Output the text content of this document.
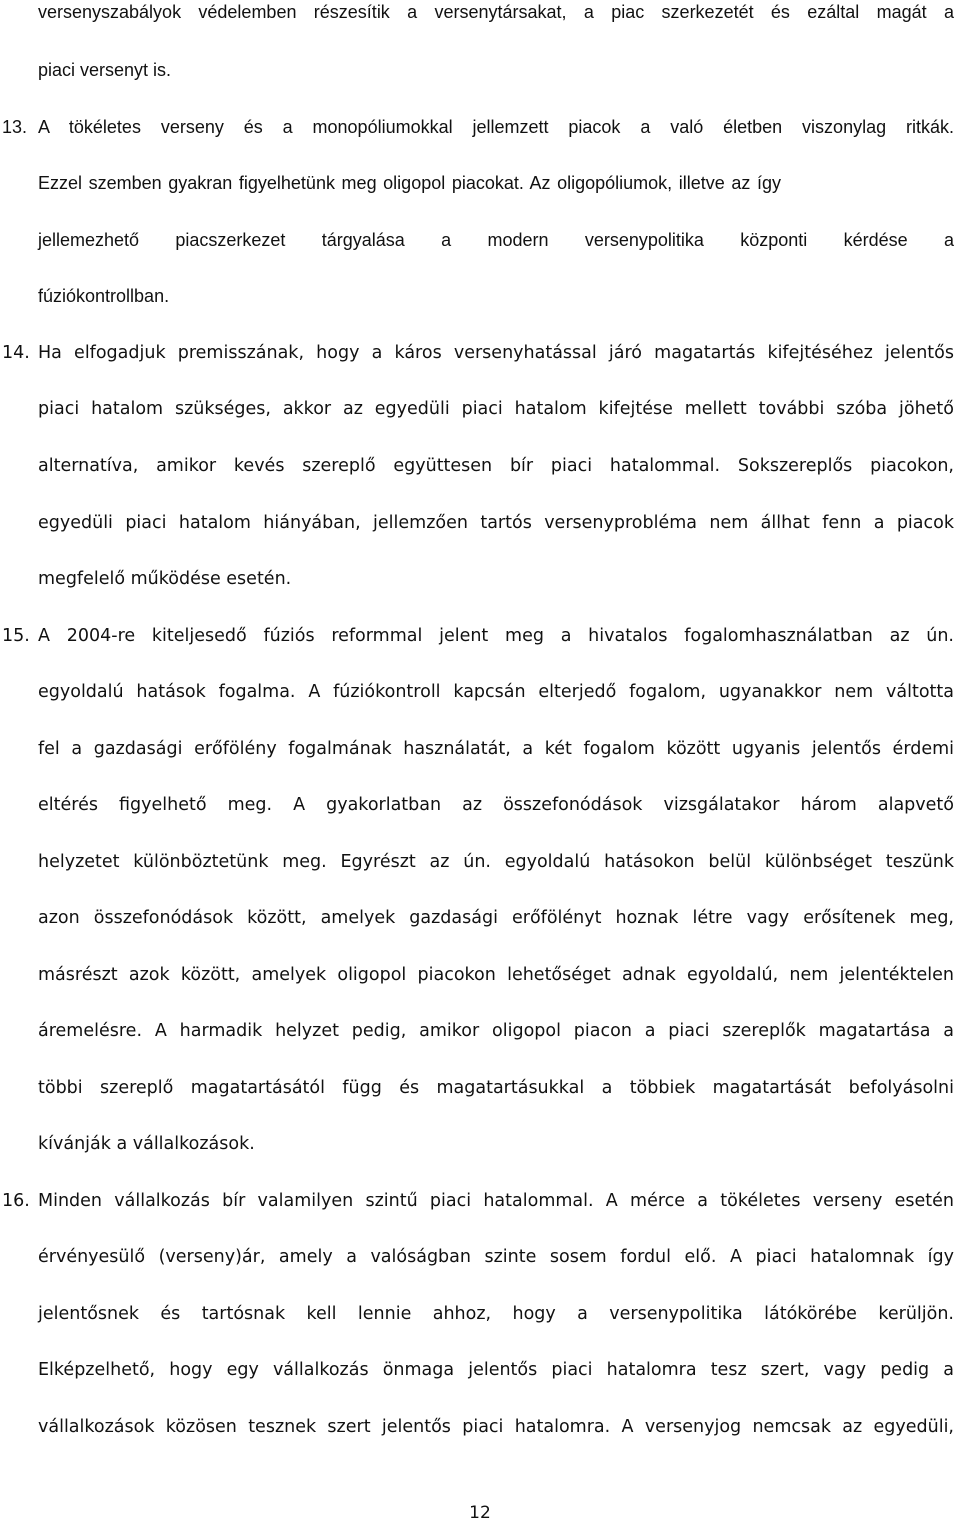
versenyszabályok védelemben részesítik a versenytársakat, a piac szerkezetét és ezáltal magát a
piaci versenyt is.
13. A tökéletes verseny és a monopóliumokkal jellemzett piacok a való életben viszonylag ritkák.
Ezzel szemben gyakran figyelhetünk meg oligopol piacokat. Az oligopóliumok, illetve az így
jellemezhető piacszerkezet tárgyalása a modern versenypolitika központi kérdése a
fúziókontrollban.
14. Ha elfogadjuk premisszának, hogy a káros versenyhatással járó magatartás kifejtéséhez jelentős
piaci hatalom szükséges, akkor az egyedüli piaci hatalom kifejtése mellett további szóba jöhető
alternatíva, amikor kevés szereplő együttesen bír piaci hatalommal. Sokszereplős piacokon,
egyedüli piaci hatalom hiányában, jellemzően tartós versenyprobléma nem állhat fenn a piacok
megfelelő működése esetén.
15. A 2004-re kiteljesedő fúziós reformmal jelent meg a hivatalos fogalomhasználatban az ún.
egyoldalú hatások fogalma. A fúziókontroll kapcsán elterjedő fogalom, ugyanakkor nem váltotta
fel a gazdasági erőfölény fogalmának használatát, a két fogalom között ugyanis jelentős érdemi
eltérés figyelhető meg. A gyakorlatban az összefonódások vizsgálatakor három alapvető
helyzetet különböztetünk meg. Egyrészt az ún. egyoldalú hatásokon belül különbséget teszünk
azon összefonódások között, amelyek gazdasági erőfölényt hoznak létre vagy erősítenek meg,
másrészt azok között, amelyek oligopol piacokon lehetőséget adnak egyoldalú, nem jelentéktelen
áremelésre. A harmadik helyzet pedig, amikor oligopol piacon a piaci szereplők magatartása a
többi szereplő magatartásától függ és magatartásukkal a többiek magatartását befolyásolni
kívánják a vállalkozások.
16. Minden vállalkozás bír valamilyen szintű piaci hatalommal. A mérce a tökéletes verseny esetén
érvényesülő (verseny)ár, amely a valóságban szinte sosem fordul elő. A piaci hatalomnak így
jelentősnek és tartósnak kell lennie ahhoz, hogy a versenypolitika látókörébe kerüljön.
Elképzelhető, hogy egy vállalkozás önmaga jelentős piaci hatalomra tesz szert, vagy pedig a
vállalkozások közösen tesznek szert jelentős piaci hatalomra. A versenyjog nemcsak az egyedüli,
12
